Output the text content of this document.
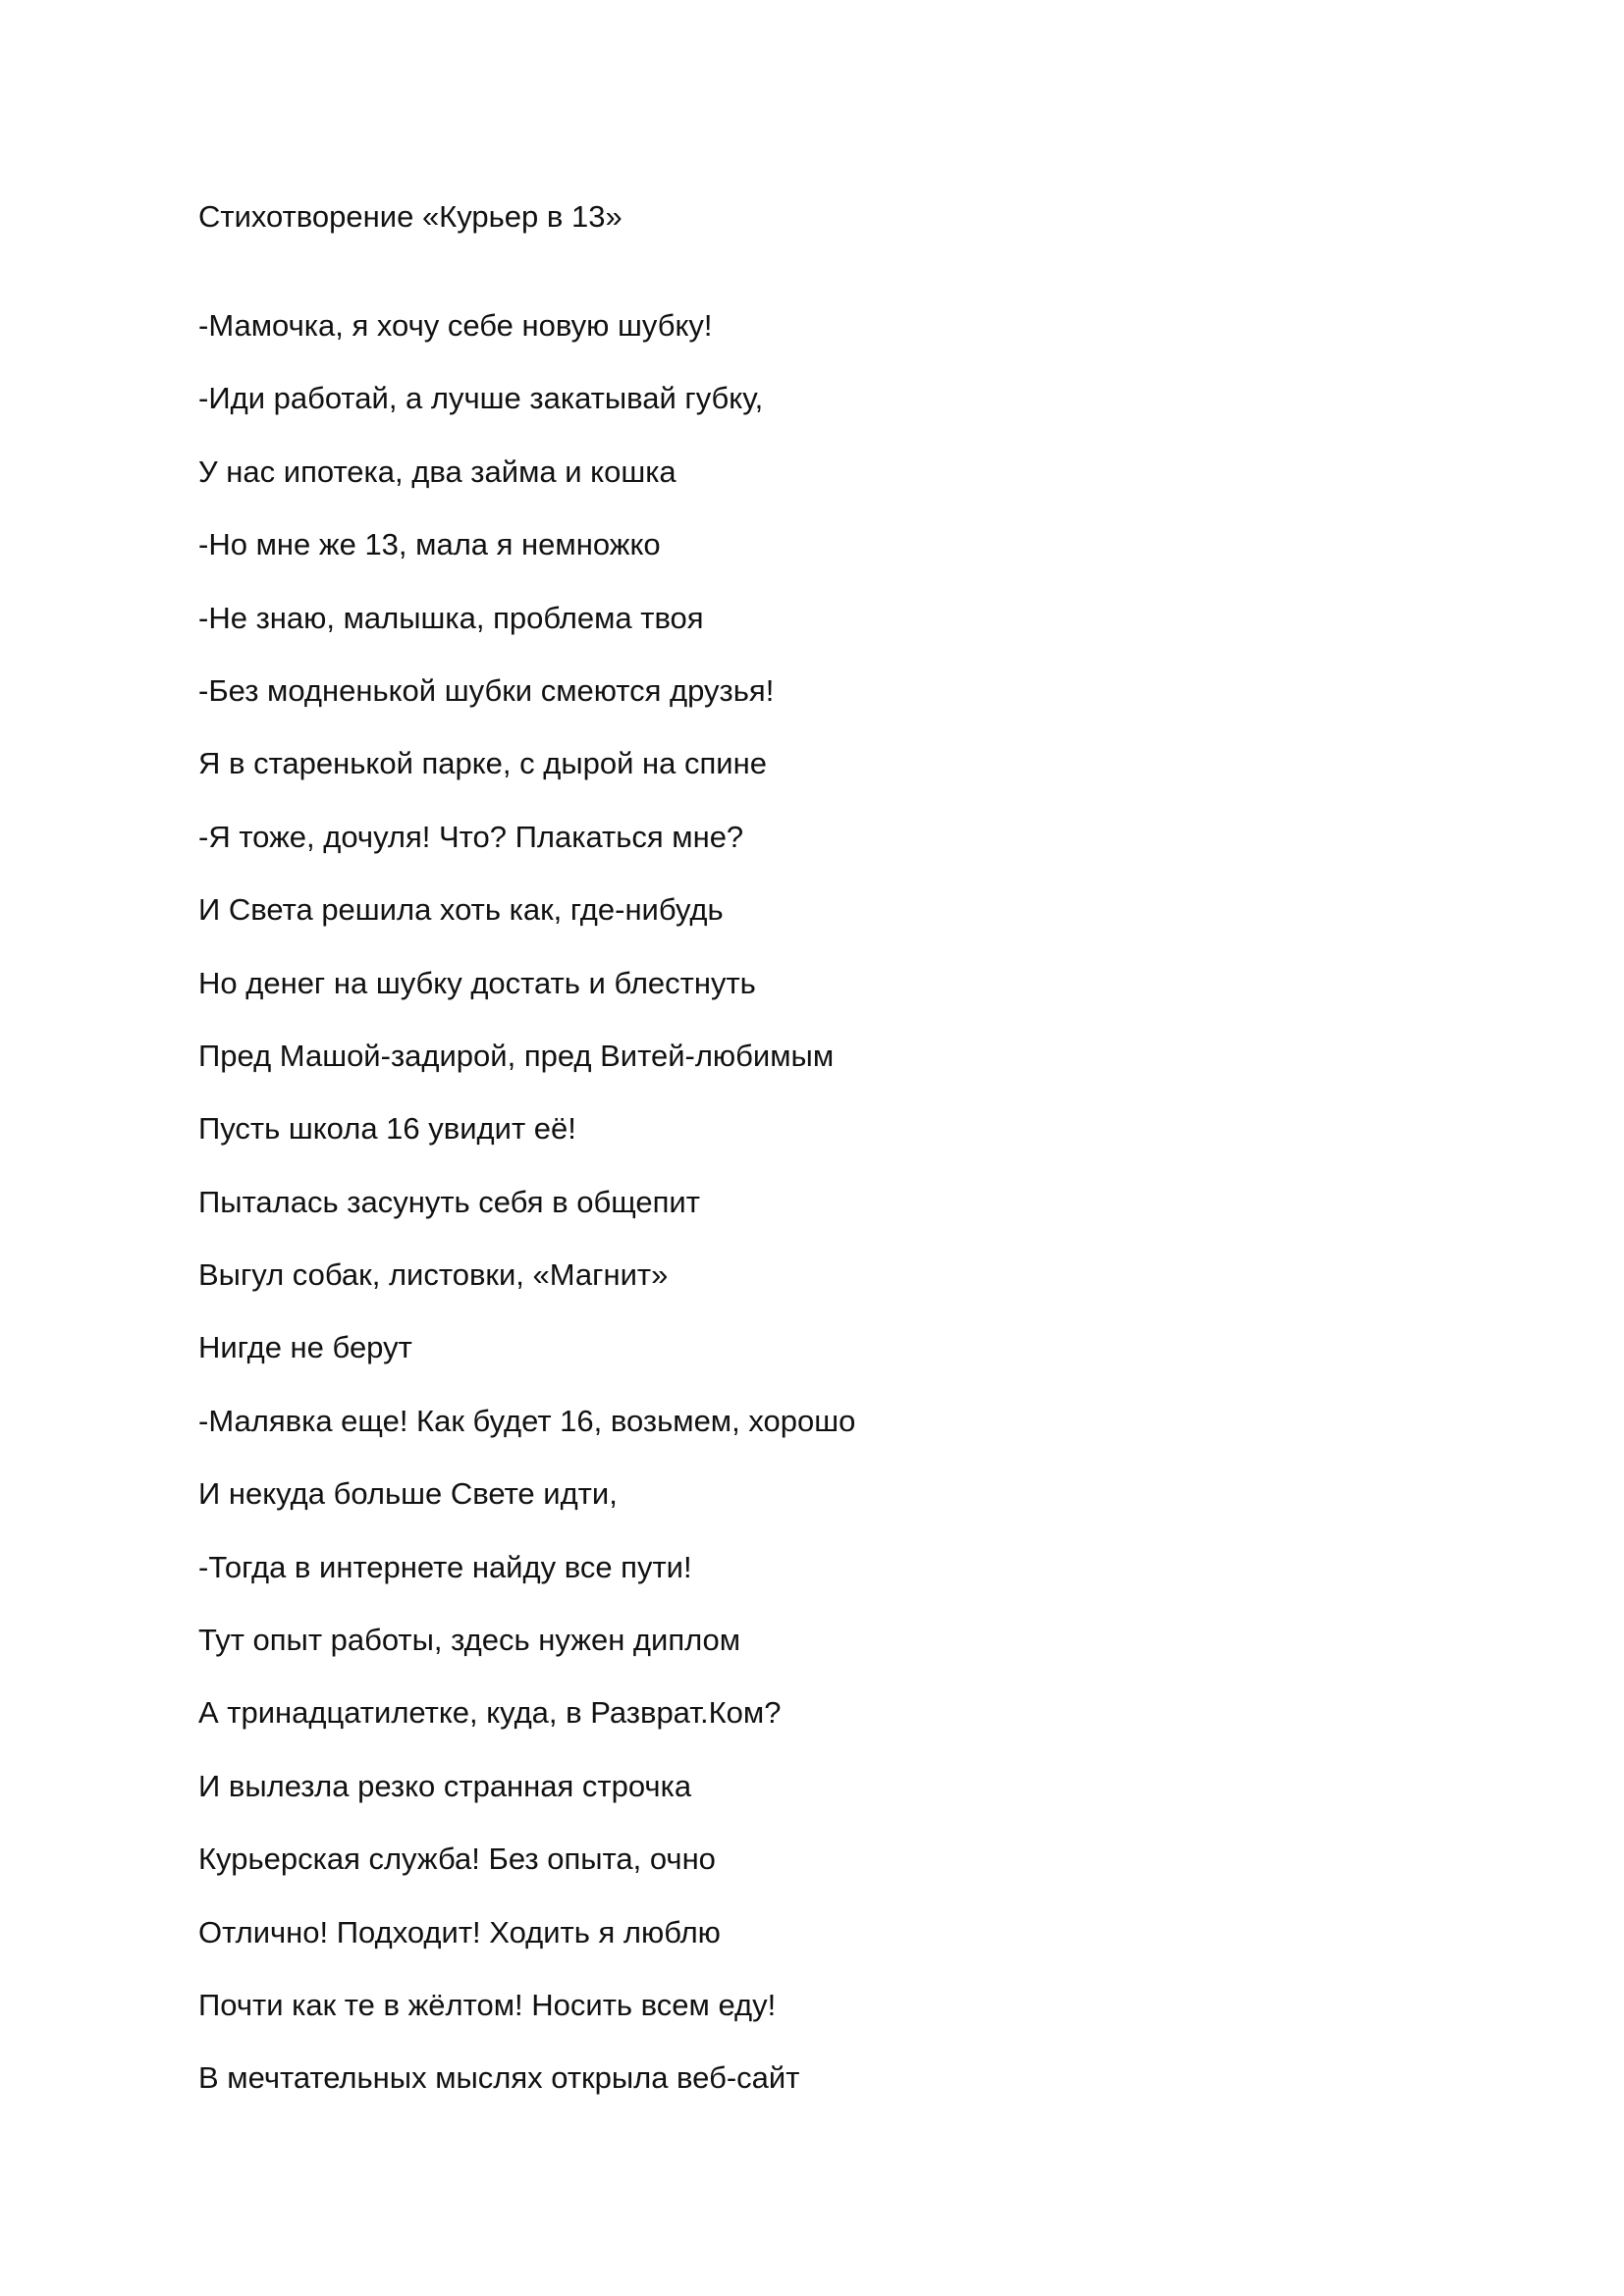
Стихотворение «Курьер в 13»
-Мамочка, я хочу себе новую шубку!
-Иди работай, а лучше закатывай губку,
У нас ипотека, два займа и кошка
-Но мне же 13, мала я немножко
-Не знаю, малышка, проблема твоя
-Без модненькой шубки смеются друзья!
Я в старенькой парке, с дырой на спине
-Я тоже, дочуля! Что? Плакаться мне?
И Света решила хоть как, где-нибудь
Но денег на шубку достать и блестнуть
Пред Машой-задирой, пред Витей-любимым
Пусть школа 16 увидит её!
Пыталась засунуть себя в общепит
Выгул собак, листовки, «Магнит»
Нигде не берут
-Малявка еще! Как будет 16, возьмем, хорошо
И некуда больше Свете идти,
-Тогда в интернете найду все пути!
Тут опыт работы, здесь нужен диплом
А тринадцатилетке, куда, в Разврат.Ком?
И вылезла резко странная строчка
Курьерская служба! Без опыта, очно
Отлично! Подходит! Ходить я люблю
Почти как те в жёлтом! Носить всем еду!
В мечтательных мыслях открыла веб-сайт
